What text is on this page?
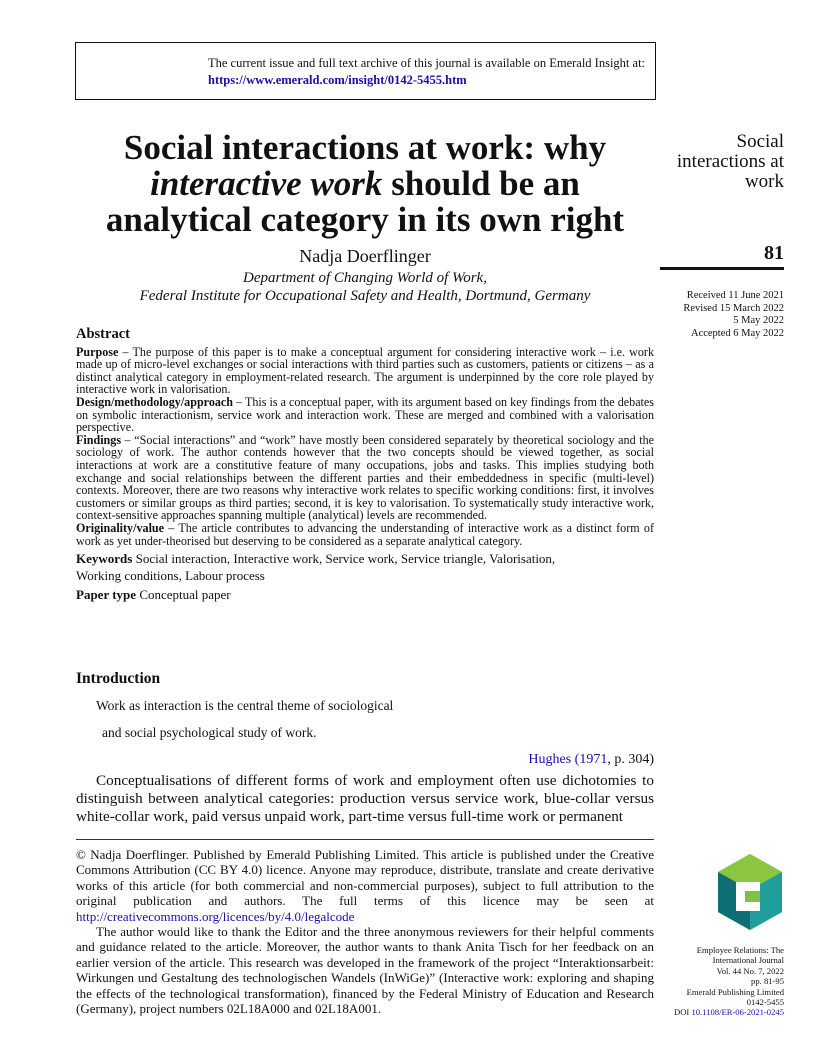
The current issue and full text archive of this journal is available on Emerald Insight at:
https://www.emerald.com/insight/0142-5455.htm
Social interactions at work: why
interactive work should be an
analytical category in its own right
Nadja Doerflinger
Department of Changing World of Work,
Federal Institute for Occupational Safety and Health, Dortmund, Germany
Social
interactions at
work
81
Received 11 June 2021
Revised 15 March 2022
5 May 2022
Accepted 6 May 2022
Abstract

Purpose – The purpose of this paper is to make a conceptual argument for considering interactive work – i.e. work made up of micro-level exchanges or social interactions with third parties such as customers, patients or citizens – as a distinct analytical category in employment-related research. The argument is underpinned by the core role played by interactive work in valorisation.

Design/methodology/approach – This is a conceptual paper, with its argument based on key findings from the debates on symbolic interactionism, service work and interaction work. These are merged and combined with a valorisation perspective.

Findings – “Social interactions” and “work” have mostly been considered separately by theoretical sociology and the sociology of work. The author contends however that the two concepts should be viewed together, as social interactions at work are a constitutive feature of many occupations, jobs and tasks. This implies studying both exchange and social relationships between the different parties and their embeddedness in specific (multi-level) contexts. Moreover, there are two reasons why interactive work relates to specific working conditions: first, it involves customers or similar groups as third parties; second, it is key to valorisation. To systematically study interactive work, context-sensitive approaches spanning multiple (analytical) levels are recommended.

Originality/value – The article contributes to advancing the understanding of interactive work as a distinct form of work as yet under-theorised but deserving to be considered as a separate analytical category.

Keywords Social interaction, Interactive work, Service work, Service triangle, Valorisation,
Working conditions, Labour process

Paper type Conceptual paper

Introduction
Work as interaction is the central theme of sociological
and social psychological study of work.
Hughes (1971, p. 304)

Conceptualisations of different forms of work and employment often use dichotomies to distinguish between analytical categories: production versus service work, blue-collar versus white-collar work, paid versus unpaid work, part-time versus full-time work or permanent

© Nadja Doerflinger. Published by Emerald Publishing Limited. This article is published under the Creative Commons Attribution (CC BY 4.0) licence. Anyone may reproduce, distribute, translate and create derivative works of this article (for both commercial and non-commercial purposes), subject to full attribution to the original publication and authors. The full terms of this licence may be seen at http://creativecommons.org/licences/by/4.0/legalcode

The author would like to thank the Editor and the three anonymous reviewers for their helpful comments and guidance related to the article. Moreover, the author wants to thank Anita Tisch for her feedback on an earlier version of the article. This research was developed in the framework of the project “Interaktionsarbeit: Wirkungen und Gestaltung des technologischen Wandels (InWiGe)” (Interactive work: exploring and shaping the effects of the technological transformation), financed by the Federal Ministry of Education and Research (Germany), project numbers 02L18A000 and 02L18A001.

Employee Relations: The
International Journal
Vol. 44 No. 7, 2022
pp. 81-95
Emerald Publishing Limited
0142-5455
DOI 10.1108/ER-06-2021-0245
